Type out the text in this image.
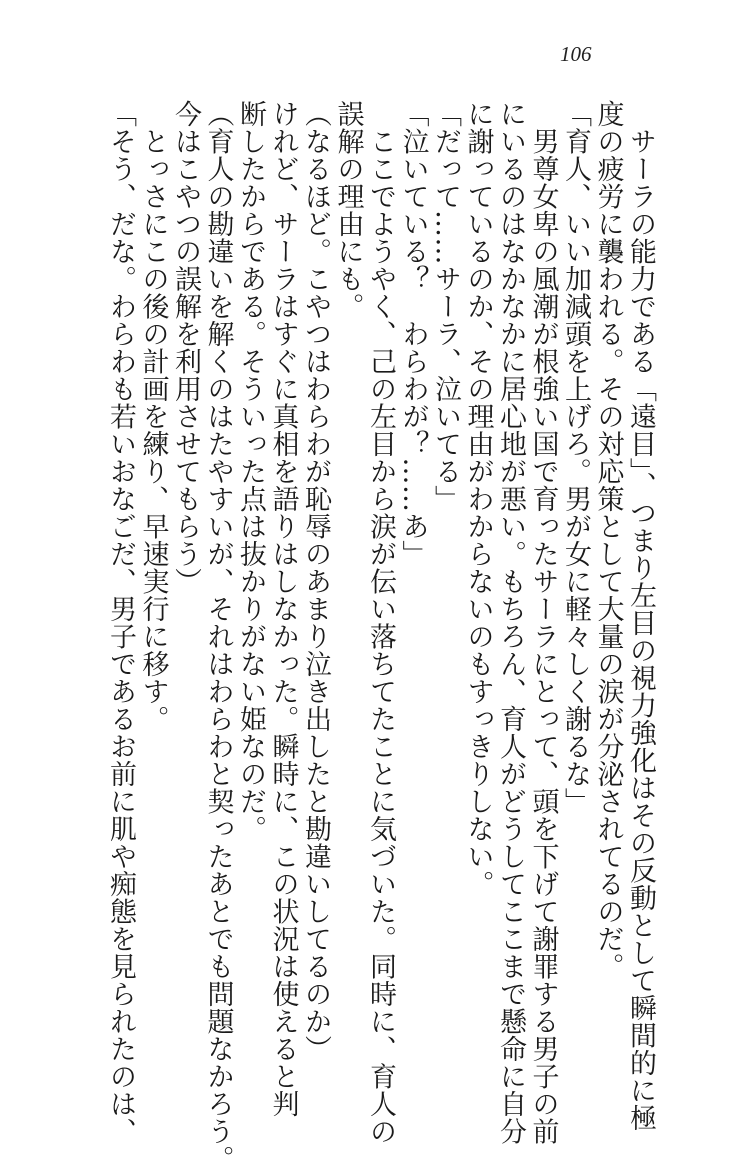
106
　サーラの能力である「遠目」、つまり左目の視力強化はその反動として瞬間的に極
度の疲労に襲われる。その対応策として大量の涙が分泌されてるのだ。
「育人、いい加減頭を上げろ。男が女に軽々しく謝るな」
　男尊女卑の風潮が根強い国で育ったサーラにとって、頭を下げて謝罪する男子の前
にいるのはなかなかに居心地が悪い。もちろん、育人がどうしてここまで懸命に自分
に謝っているのか、その理由がわからないのもすっきりしない。
「だって……サーラ、泣いてる」
「泣いている？　わらわが？……あ」
　ここでようやく、己の左目から涙が伝い落ちてたことに気づいた。同時に、育人の
誤解の理由にも。
（なるほど。こやつはわらわが恥辱のあまり泣き出したと勘違いしてるのか）
けれど、サーラはすぐに真相を語りはしなかった。瞬時に、この状況は使えると判
断したからである。そういった点は抜かりがない姫なのだ。
（育人の勘違いを解くのはたやすいが、それはわらわと契ったあとでも問題なかろう。
今はこやつの誤解を利用させてもらう）
　とっさにこの後の計画を練り、早速実行に移す。
「そう、だな。わらわも若いおなごだ、男子であるお前に肌や痴態を見られたのは、
